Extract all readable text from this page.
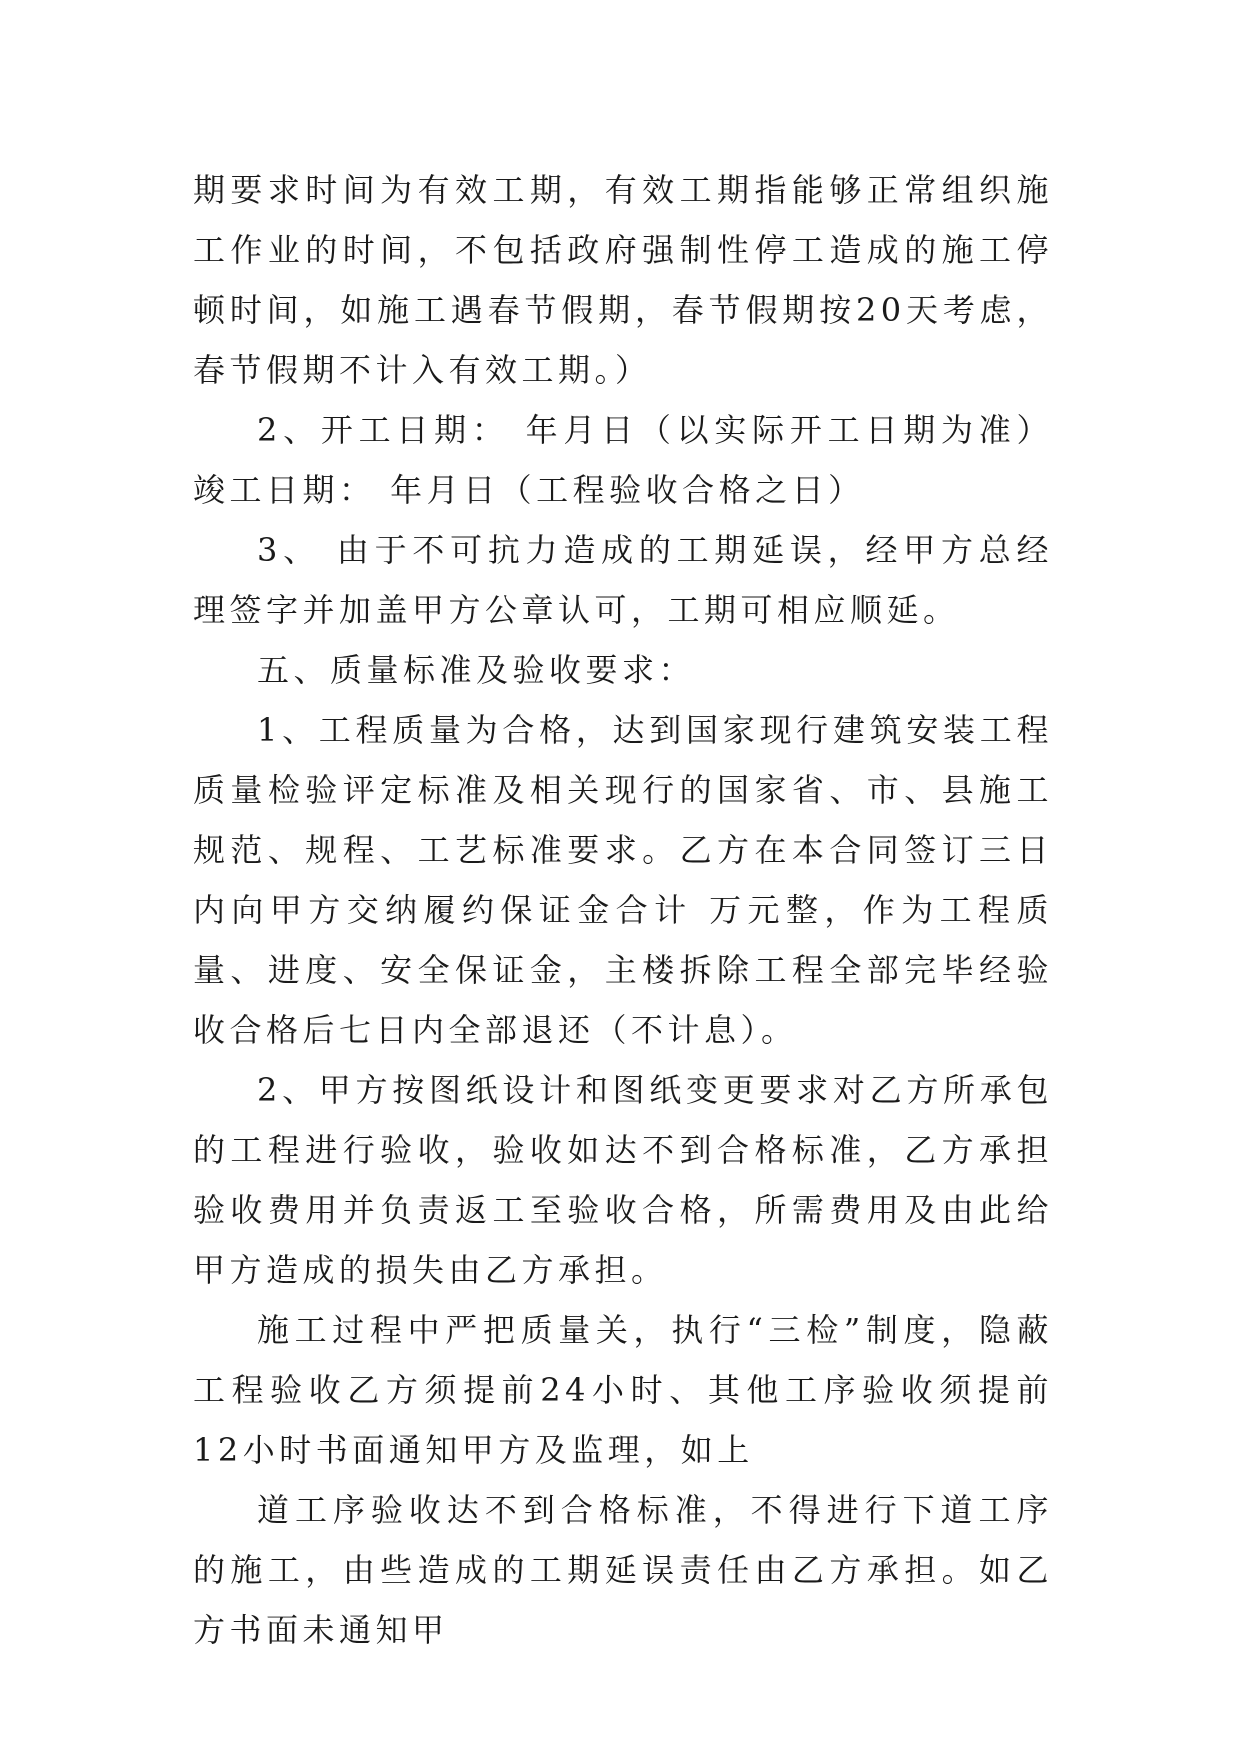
期要求时间为有效工期，有效工期指能够正常组织施工作业的时间，不包括政府强制性停工造成的施工停顿时间，如施工遇春节假期，春节假期按20天考虑，春节假期不计入有效工期。）

2、开工日期： 年月日（以实际开工日期为准） 竣工日期： 年月日（工程验收合格之日）

3、 由于不可抗力造成的工期延误，经甲方总经理签字并加盖甲方公章认可，工期可相应顺延。

五、质量标准及验收要求：

1、工程质量为合格，达到国家现行建筑安装工程质量检验评定标准及相关现行的国家省、市、县施工规范、规程、工艺标准要求。乙方在本合同签订三日内向甲方交纳履约保证金合计 万元整，作为工程质量、进度、安全保证金，主楼拆除工程全部完毕经验收合格后七日内全部退还（不计息）。

2、甲方按图纸设计和图纸变更要求对乙方所承包的工程进行验收，验收如达不到合格标准，乙方承担验收费用并负责返工至验收合格，所需费用及由此给甲方造成的损失由乙方承担。

施工过程中严把质量关，执行“三检”制度，隐蔽工程验收乙方须提前24小时、其他工序验收须提前12小时书面通知甲方及监理，如上

道工序验收达不到合格标准，不得进行下道工序的施工，由些造成的工期延误责任由乙方承担。如乙方书面未通知甲
